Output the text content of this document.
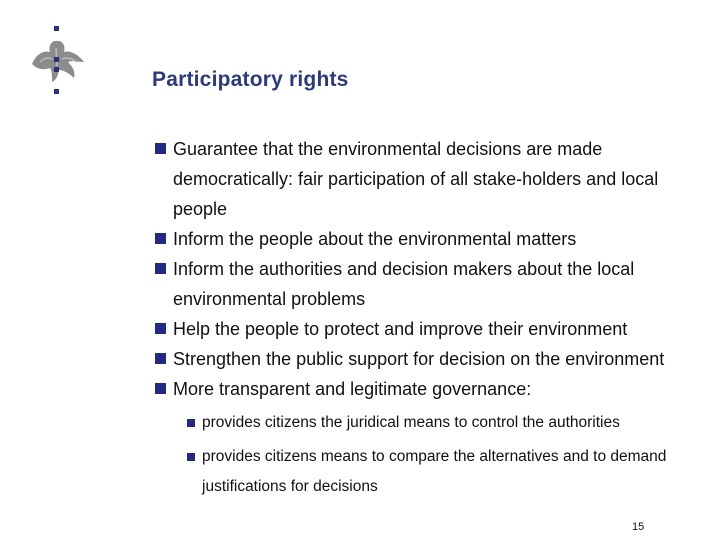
Participatory rights
Guarantee that the environmental decisions are made democratically: fair participation of all stake-holders and local people
Inform the people about the environmental matters
Inform the authorities and decision makers about the local environmental problems
Help the people to protect and improve their environment
Strengthen the public support for decision on the environment
More transparent and legitimate governance:
provides citizens the juridical means to control the authorities
provides citizens means to compare the alternatives and to demand justifications for decisions
15
